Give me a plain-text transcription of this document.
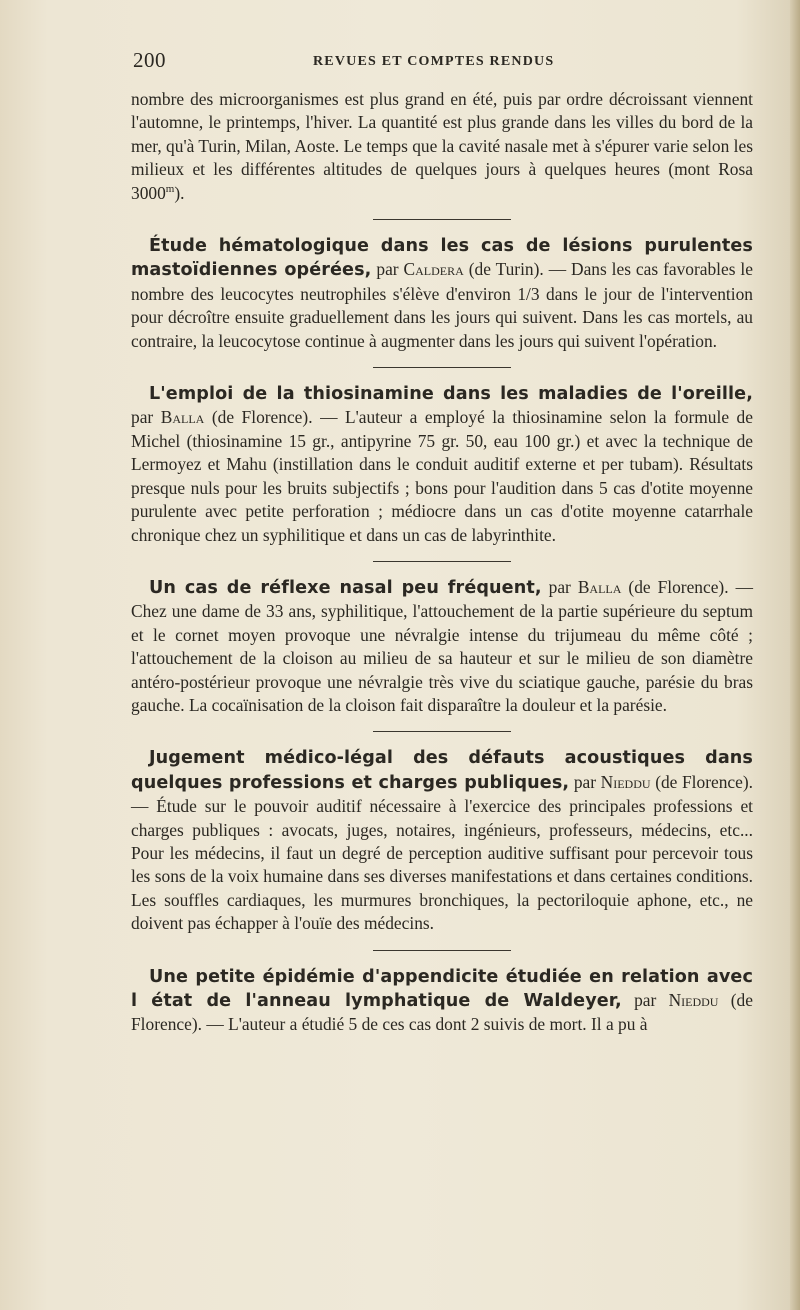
200	REVUES ET COMPTES RENDUS

nombre des microorganismes est plus grand en été, puis par ordre décroissant viennent l'automne, le printemps, l'hiver. La quantité est plus grande dans les villes du bord de la mer, qu'à Turin, Milan, Aoste. Le temps que la cavité nasale met à s'épurer varie selon les milieux et les différentes altitudes de quelques jours à quelques heures (mont Rosa 3000$^m$).

Étude hématologique dans les cas de lésions purulentes mastoïdiennes opérées, par Caldera (de Turin). — Dans les cas favorables le nombre des leucocytes neutrophiles s'élève d'environ 1/3 dans le jour de l'intervention pour décroître ensuite graduellement dans les jours qui suivent. Dans les cas mortels, au contraire, la leucocytose continue à augmenter dans les jours qui suivent l'opération.

L'emploi de la thiosinamine dans les maladies de l'oreille, par Balla (de Florence). — L'auteur a employé la thiosinamine selon la formule de Michel (thiosinamine 15 gr., antipyrine 75 gr. 50, eau 100 gr.) et avec la technique de Lermoyez et Mahu (instillation dans le conduit auditif externe et per tubam). Résultats presque nuls pour les bruits subjectifs ; bons pour l'audition dans 5 cas d'otite moyenne purulente avec petite perforation ; médiocre dans un cas d'otite moyenne catarrhale chronique chez un syphilitique et dans un cas de labyrinthite.

Un cas de réflexe nasal peu fréquent, par Balla (de Florence). — Chez une dame de 33 ans, syphilitique, l'attouchement de la partie supérieure du septum et le cornet moyen provoque une névralgie intense du trijumeau du même côté ; l'attouchement de la cloison au milieu de sa hauteur et sur le milieu de son diamètre antéro-postérieur provoque une névralgie très vive du sciatique gauche, parésie du bras gauche. La cocaïnisation de la cloison fait disparaître la douleur et la parésie.

Jugement médico-légal des défauts acoustiques dans quelques professions et charges publiques, par Nieddu (de Florence). — Étude sur le pouvoir auditif nécessaire à l'exercice des principales professions et charges publiques : avocats, juges, notaires, ingénieurs, professeurs, médecins, etc... Pour les médecins, il faut un degré de perception auditive suffisant pour percevoir tous les sons de la voix humaine dans ses diverses manifestations et dans certaines conditions. Les souffles cardiaques, les murmures bronchiques, la pectoriloquie aphone, etc., ne doivent pas échapper à l'ouïe des médecins.

Une petite épidémie d'appendicite étudiée en relation avec l état de l'anneau lymphatique de Waldeyer, par Nieddu (de Florence). — L'auteur a étudié 5 de ces cas dont 2 suivis de mort. Il a pu à
